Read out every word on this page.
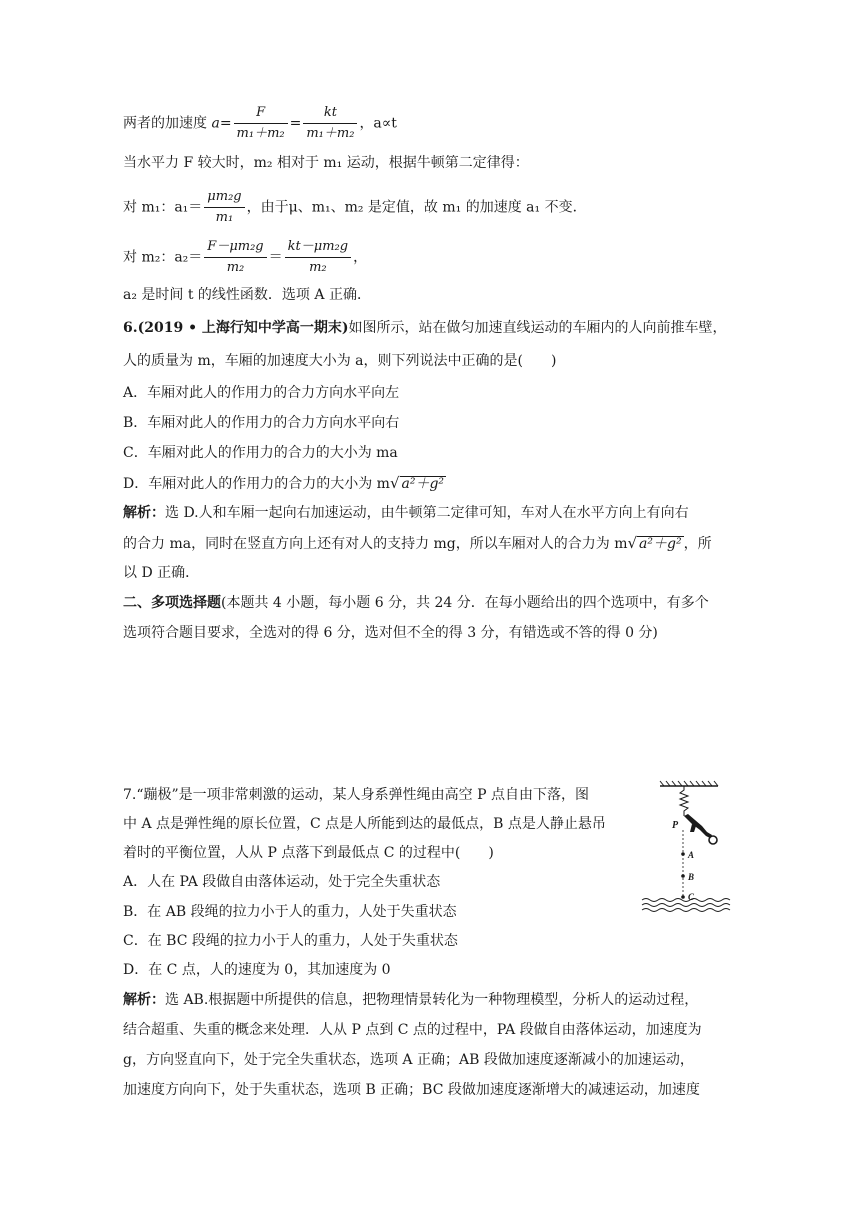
两者的加速度 $a= \frac{F}{\text{m₁＋m₂}} = \frac{kt}{\text{m₁＋m₂}}$ ，a∝t
当水平力 F 较大时，m₂ 相对于 m₁ 运动，根据牛顿第二定律得：
对 m₁：$a_1= \frac{\text{μm₂g}}{\text{m₁}}$ ，由于μ、m₁、m₂ 是定值，故 m₁ 的加速度 a₁ 不变．
对 m₂：$a_2= \frac{\text{F－μm₂g}}{\text{m₂}} = \frac{\text{kt－μm₂g}}{\text{m₂}}$ ，
a₂ 是时间 t 的线性函数．选项 A 正确．
6.(2019 • 上海行知中学高一期末)如图所示，站在做匀加速直线运动的车厢内的人向前推车壁，
人的质量为 m，车厢的加速度大小为 a，则下列说法中正确的是(　　)
A．车厢对此人的作用力的合力方向水平向左
B．车厢对此人的作用力的合力方向水平向右
C．车厢对此人的作用力的合力的大小为 ma
D．车厢对此人的作用力的合力的大小为 m√ a²＋g²
解析：选 D.人和车厢一起向右加速运动，由牛顿第二定律可知，车对人在水平方向上有向右
的合力 ma，同时在竖直方向上还有对人的支持力 mg，所以车厢对人的合力为 m√ a²＋g² ，所
以 D 正确．
二、多项选择题(本题共 4 小题，每小题 6 分，共 24 分．在每小题给出的四个选项中，有多个
选项符合题目要求，全选对的得 6 分，选对但不全的得 3 分，有错选或不答的得 0 分)
7.“蹦极”是一项非常刺激的运动，某人身系弹性绳由高空 P 点自由下落，图
中 A 点是弹性绳的原长位置，C 点是人所能到达的最低点，B 点是人静止悬吊
着时的平衡位置，人从 P 点落下到最低点 C 的过程中(　　)
A．人在 PA 段做自由落体运动，处于完全失重状态
B．在 AB 段绳的拉力小于人的重力，人处于失重状态
C．在 BC 段绳的拉力小于人的重力，人处于失重状态
D．在 C 点，人的速度为 0，其加速度为 0
解析：选 AB.根据题中所提供的信息，把物理情景转化为一种物理模型，分析人的运动过程，
结合超重、失重的概念来处理．人从 P 点到 C 点的过程中，PA 段做自由落体运动，加速度为
g，方向竖直向下，处于完全失重状态，选项 A 正确；AB 段做加速度逐渐减小的加速运动，
加速度方向向下，处于失重状态，选项 B 正确；BC 段做加速度逐渐增大的减速运动，加速度
P
A
B
C
